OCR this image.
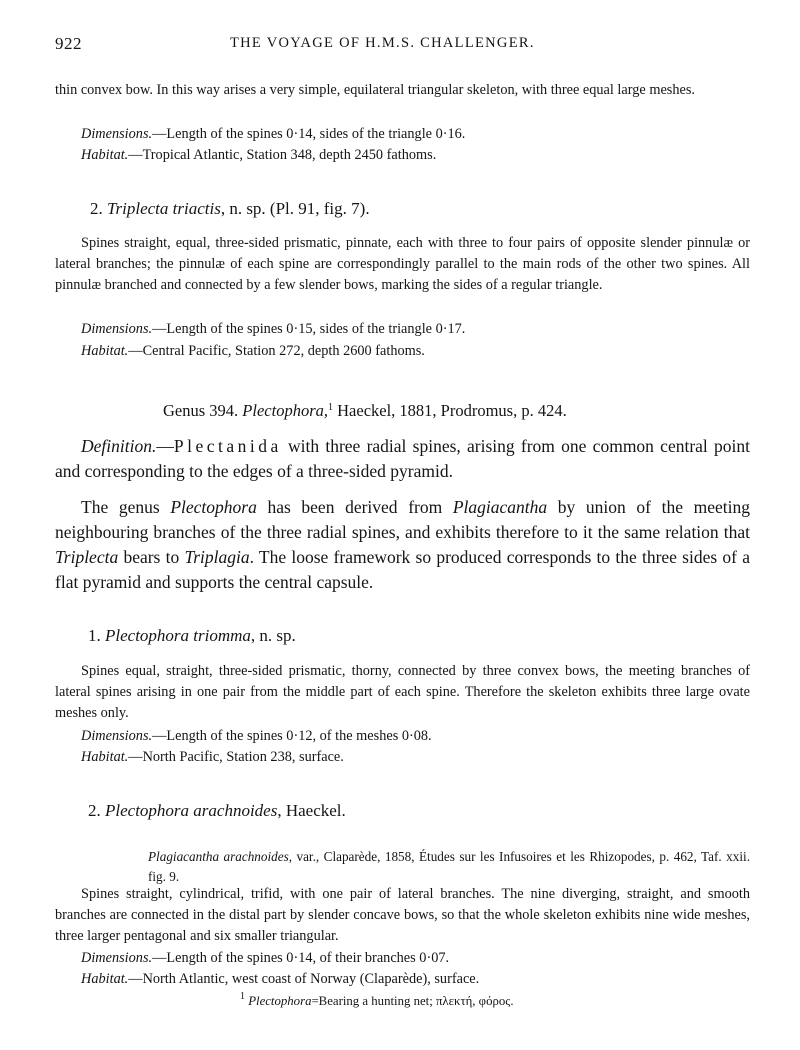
922	THE VOYAGE OF H.M.S. CHALLENGER.

thin convex bow. In this way arises a very simple, equilateral triangular skeleton, with three equal large meshes.

Dimensions.—Length of the spines 0·14, sides of the triangle 0·16.

Habitat.—Tropical Atlantic, Station 348, depth 2450 fathoms.

2. Triplecta triactis, n. sp. (Pl. 91, fig. 7).

Spines straight, equal, three-sided prismatic, pinnate, each with three to four pairs of opposite slender pinnulæ or lateral branches; the pinnulæ of each spine are correspondingly parallel to the main rods of the other two spines. All pinnulæ branched and connected by a few slender bows, marking the sides of a regular triangle.

Dimensions.—Length of the spines 0·15, sides of the triangle 0·17.

Habitat.—Central Pacific, Station 272, depth 2600 fathoms.

Genus 394. Plectophora,$^1$ Haeckel, 1881, Prodromus, p. 424.

Definition.—Plectanida with three radial spines, arising from one common central point and corresponding to the edges of a three-sided pyramid.

The genus Plectophora has been derived from Plagiacantha by union of the meeting neighbouring branches of the three radial spines, and exhibits therefore to it the same relation that Triplecta bears to Triplagia. The loose framework so produced corresponds to the three sides of a flat pyramid and supports the central capsule.

1. Plectophora triomma, n. sp.

Spines equal, straight, three-sided prismatic, thorny, connected by three convex bows, the meeting branches of lateral spines arising in one pair from the middle part of each spine. Therefore the skeleton exhibits three large ovate meshes only.

Dimensions.—Length of the spines 0·12, of the meshes 0·08.

Habitat.—North Pacific, Station 238, surface.

2. Plectophora arachnoides, Haeckel.

Plagiacantha arachnoides, var., Claparède, 1858, Études sur les Infusoires et les Rhizopodes, p. 462, Taf. xxii. fig. 9.

Spines straight, cylindrical, trifid, with one pair of lateral branches. The nine diverging, straight, and smooth branches are connected in the distal part by slender concave bows, so that the whole skeleton exhibits nine wide meshes, three larger pentagonal and six smaller triangular.

Dimensions.—Length of the spines 0·14, of their branches 0·07.

Habitat.—North Atlantic, west coast of Norway (Claparède), surface.

$^1$ Plectophora=Bearing a hunting net; πλεκτή, φόρος.
